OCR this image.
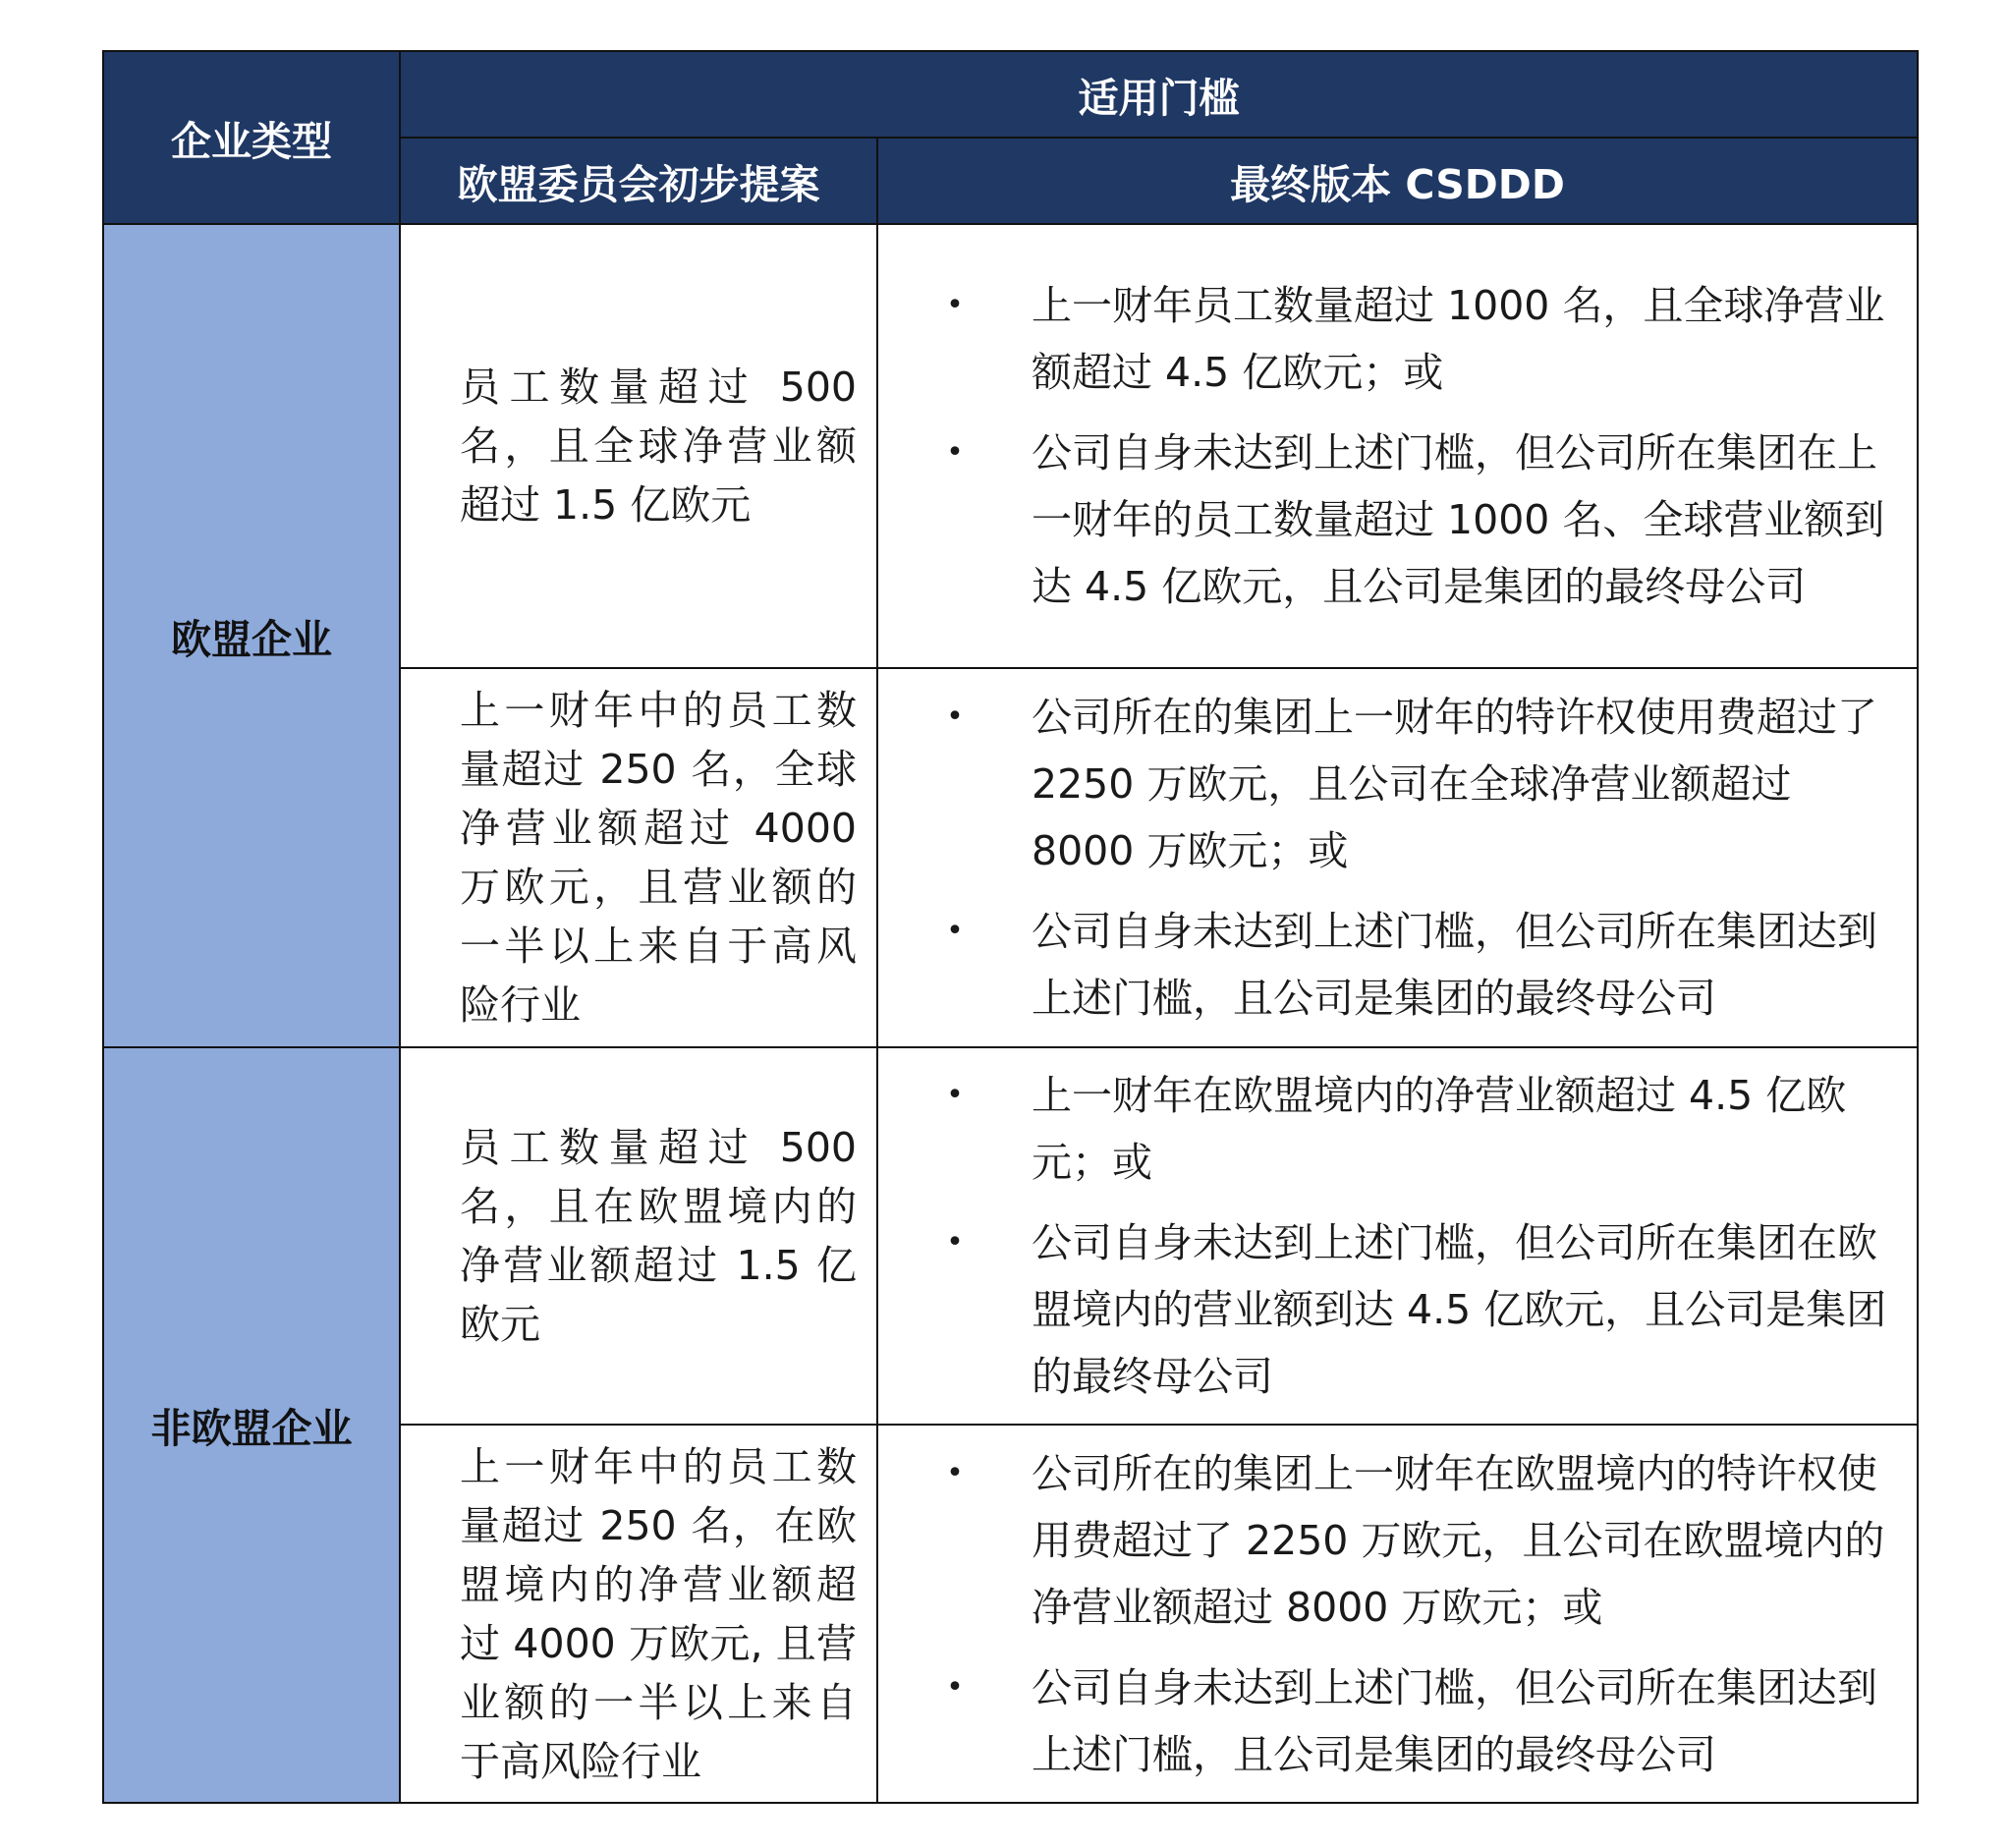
企业类型	适用门槛	
	欧盟委员会初步提案	最终版本 CSDDD
欧盟企业	员工数量超过 500 名，且全球净营业额超过 1.5 亿欧元	• 上一财年员工数量超过 1000 名，且全球净营业额超过 4.5 亿欧元；或
• 公司自身未达到上述门槛，但公司所在集团在上一财年的员工数量超过 1000 名、全球营业额到达 4.5 亿欧元，且公司是集团的最终母公司

	上一财年中的员工数量超过 250 名，全球净营业额超过 4000 万欧元，且营业额的一半以上来自于高风险行业	• 公司所在的集团上一财年的特许权使用费超过了 2250 万欧元，且公司在全球净营业额超过 8000 万欧元；或
• 公司自身未达到上述门槛，但公司所在集团达到上述门槛，且公司是集团的最终母公司

非欧盟企业	员工数量超过 500 名，且在欧盟境内的净营业额超过 1.5 亿欧元	• 上一财年在欧盟境内的净营业额超过 4.5 亿欧元；或
• 公司自身未达到上述门槛，但公司所在集团在欧盟境内的营业额到达 4.5 亿欧元，且公司是集团的最终母公司

	上一财年中的员工数量超过 250 名，在欧盟境内的净营业额超过 4000 万欧元, 且营业额的一半以上来自于高风险行业	• 公司所在的集团上一财年在欧盟境内的特许权使用费超过了 2250 万欧元，且公司在欧盟境内的净营业额超过 8000 万欧元；或
• 公司自身未达到上述门槛，但公司所在集团达到上述门槛，且公司是集团的最终母公司
